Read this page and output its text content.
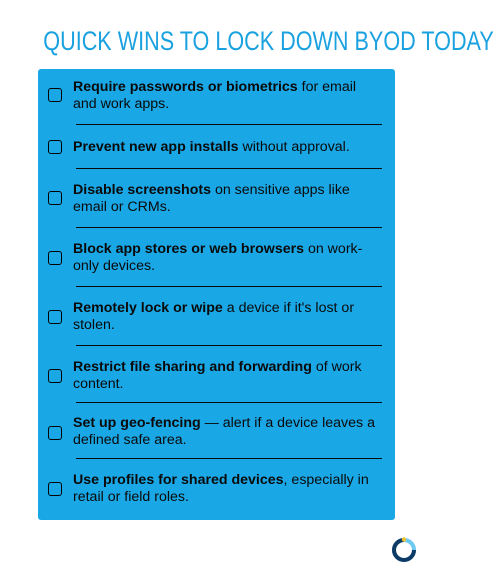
QUICK WINS TO LOCK DOWN BYOD TODAY
Require passwords or biometrics for email and work apps.
Prevent new app installs without approval.
Disable screenshots on sensitive apps like email or CRMs.
Block app stores or web browsers on work-only devices.
Remotely lock or wipe a device if it's lost or stolen.
Restrict file sharing and forwarding of work content.
Set up geo-fencing — alert if a device leaves a defined safe area.
Use profiles for shared devices, especially in retail or field roles.
